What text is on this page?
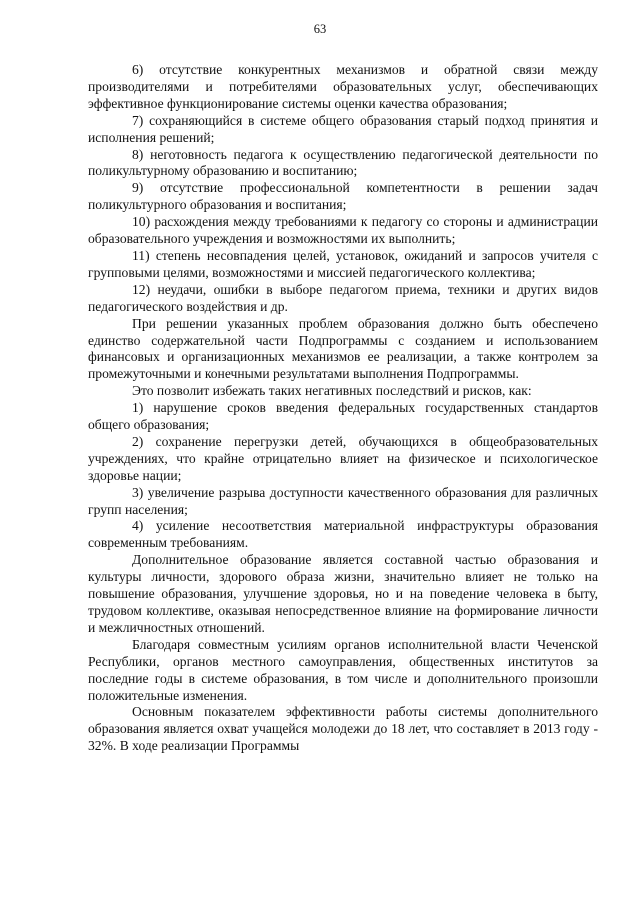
63

6) отсутствие конкурентных механизмов и обратной связи между производителями и потребителями образовательных услуг, обеспечивающих эффективное функционирование системы оценки качества образования;

7) сохраняющийся в системе общего образования старый подход принятия и исполнения решений;

8) неготовность педагога к осуществлению педагогической деятельности по поликультурному образованию и воспитанию;

9) отсутствие профессиональной компетентности в решении задач поликультурного образования и воспитания;

10) расхождения между требованиями к педагогу со стороны и администрации образовательного учреждения и возможностями их выполнить;

11) степень несовпадения целей, установок, ожиданий и запросов учителя с групповыми целями, возможностями и миссией педагогического коллектива;

12) неудачи, ошибки в выборе педагогом приема, техники и других видов педагогического воздействия и др.

При решении указанных проблем образования должно быть обеспечено единство содержательной части Подпрограммы с созданием и использованием финансовых и организационных механизмов ее реализации, а также контролем за промежуточными и конечными результатами выполнения Подпрограммы.

Это позволит избежать таких негативных последствий и рисков, как:

1) нарушение сроков введения федеральных государственных стандартов общего образования;

2) сохранение перегрузки детей, обучающихся в общеобразовательных учреждениях, что крайне отрицательно влияет на физическое и психологическое здоровье нации;

3) увеличение разрыва доступности качественного образования для различных групп населения;

4) усиление несоответствия материальной инфраструктуры образования современным требованиям.

Дополнительное образование является составной частью образования и культуры личности, здорового образа жизни, значительно влияет не только на повышение образования, улучшение здоровья, но и на поведение человека в быту, трудовом коллективе, оказывая непосредственное влияние на формирование личности и межличностных отношений.

Благодаря совместным усилиям органов исполнительной власти Чеченской Республики, органов местного самоуправления, общественных институтов за последние годы в системе образования, в том числе и дополнительного произошли положительные изменения.

Основным показателем эффективности работы системы дополнительного образования является охват учащейся молодежи до 18 лет, что составляет в 2013 году - 32%. В ходе реализации Программы
